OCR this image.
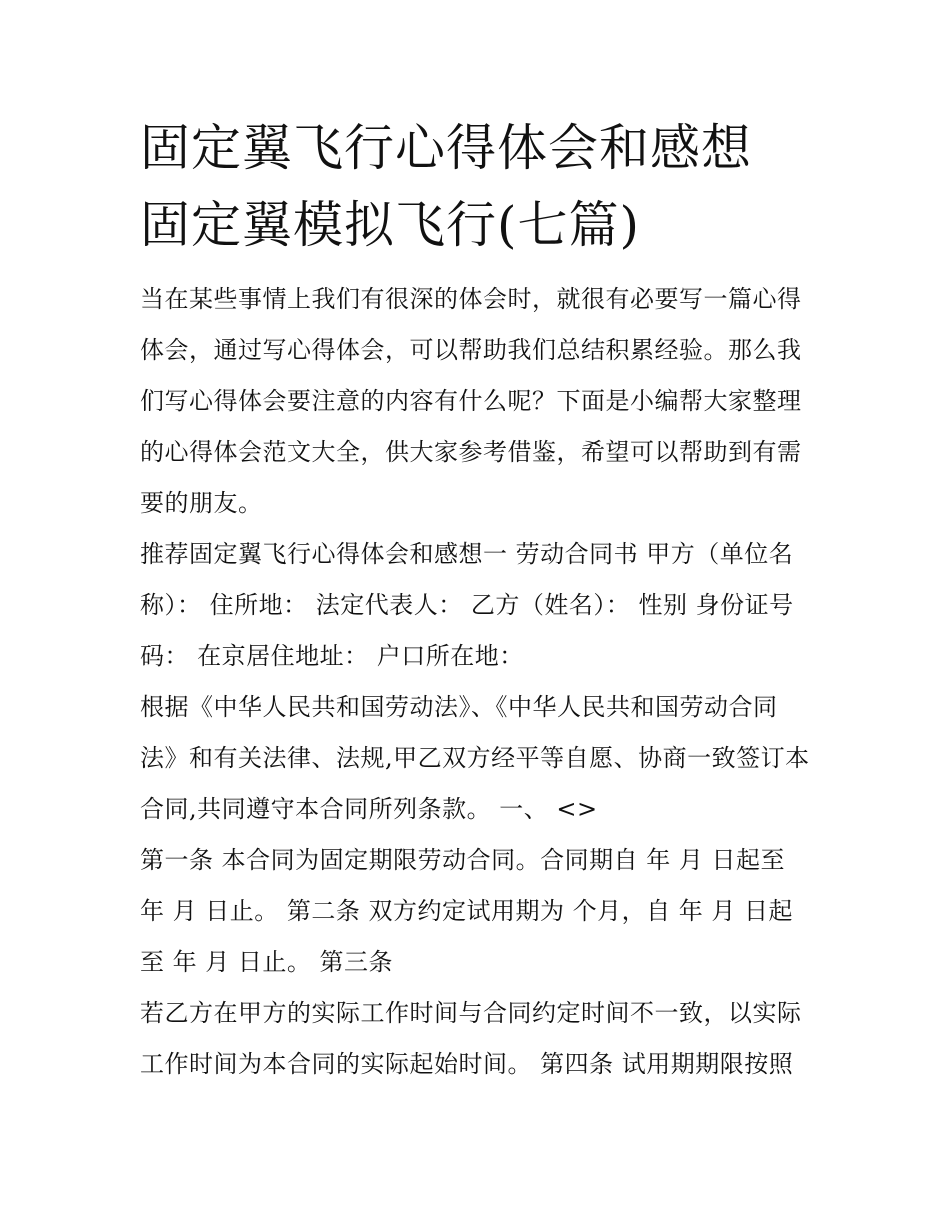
固定翼飞行心得体会和感想 固定翼模拟飞行(七篇)

当在某些事情上我们有很深的体会时，就很有必要写一篇心得体会，通过写心得体会，可以帮助我们总结积累经验。那么我们写心得体会要注意的内容有什么呢？下面是小编帮大家整理的心得体会范文大全，供大家参考借鉴，希望可以帮助到有需要的朋友。

推荐固定翼飞行心得体会和感想一 劳动合同书 甲方（单位名称）： 住所地： 法定代表人： 乙方（姓名）： 性别 身份证号码： 在京居住地址： 户口所在地：

根据《中华人民共和国劳动法》、《中华人民共和国劳动合同法》和有关法律、法规,甲乙双方经平等自愿、协商一致签订本合同,共同遵守本合同所列条款。 一、 <>

第一条 本合同为固定期限劳动合同。合同期自 年 月 日起至 年 月 日止。 第二条 双方约定试用期为 个月，自 年 月 日起至 年 月 日止。 第三条

若乙方在甲方的实际工作时间与合同约定时间不一致，以实际工作时间为本合同的实际起始时间。 第四条 试用期期限按照
